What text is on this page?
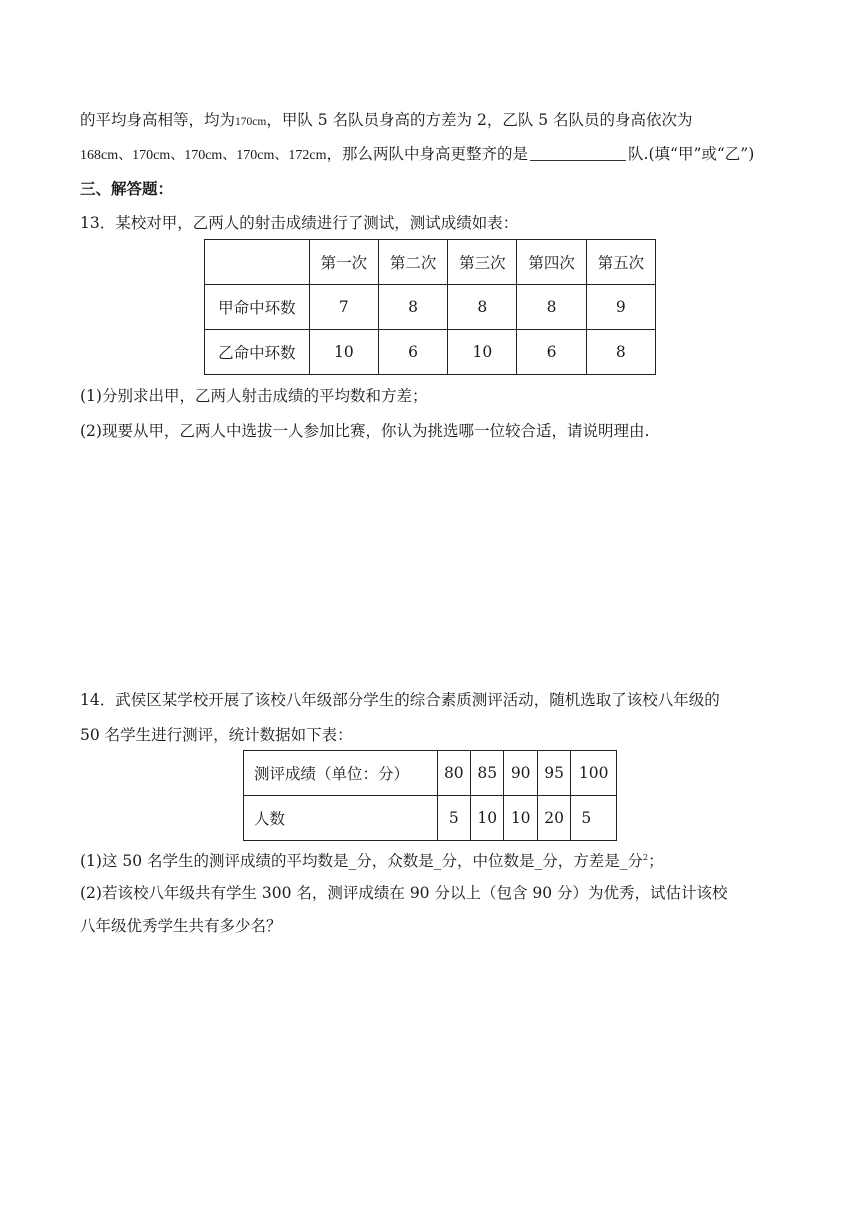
的平均身高相等，均为170cm，甲队 5 名队员身高的方差为 2，乙队 5 名队员的身高依次为
168cm、170cm、170cm、170cm、172cm，那么两队中身高更整齐的是	队.(填“甲”或“乙”)
三、解答题：
13．某校对甲，乙两人的射击成绩进行了测试，测试成绩如表：
	第一次	第二次	第三次	第四次	第五次
甲命中环数	7	8	8	8	9
乙命中环数	10	6	10	6	8
(1)分别求出甲，乙两人射击成绩的平均数和方差；
(2)现要从甲，乙两人中选拔一人参加比赛，你认为挑选哪一位较合适，请说明理由.
14．武侯区某学校开展了该校八年级部分学生的综合素质测评活动，随机选取了该校八年级的
50 名学生进行测评，统计数据如下表：
测评成绩（单位：分）	80	85	90	95	100
人数	5	10	10	20	5
(1)这 50 名学生的测评成绩的平均数是_分，众数是_分，中位数是_分，方差是_分$^2$；
(2)若该校八年级共有学生 300 名，测评成绩在 90 分以上（包含 90 分）为优秀，试估计该校
八年级优秀学生共有多少名？
